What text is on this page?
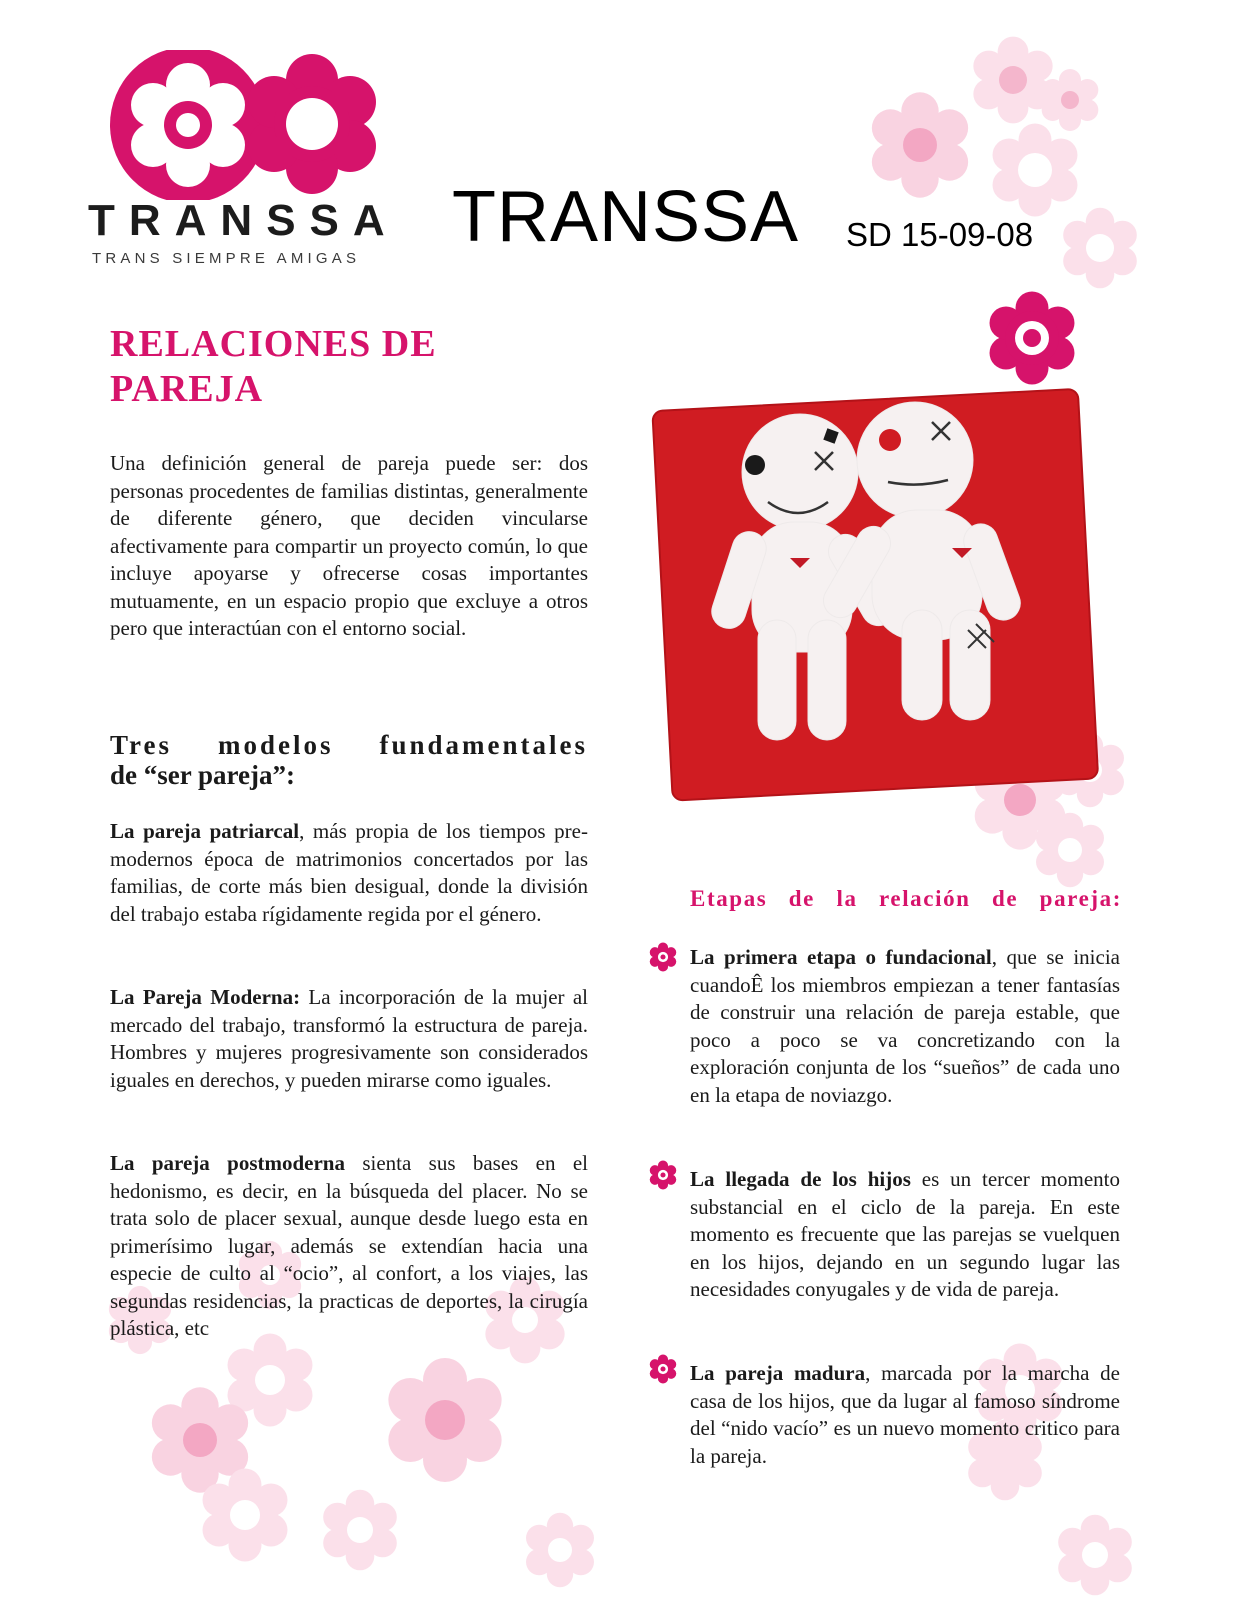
TRANSSA
TRANS SIEMPRE AMIGAS
TRANSSA SD 15-09-08
RELACIONES DE PAREJA
Una definición general de pareja puede ser: dos personas procedentes de familias distintas, generalmente de diferente género, que deciden vincularse afectivamente para compartir un proyecto común, lo que incluye apoyarse y ofrecerse cosas importantes mutuamente, en un espacio propio que excluye a otros pero que interactúan con el entorno social.
Tres modelos fundamentales
de “ser pareja”:
La pareja patriarcal, más propia de los tiempos pre-modernos época de matrimonios concertados por las familias, de corte más bien desigual, donde la división del trabajo estaba rígidamente regida por el género.
La Pareja Moderna: La incorporación de la mujer al mercado del trabajo, transformó la estructura de pareja. Hombres y mujeres progresivamente son considerados iguales en derechos, y pueden mirarse como iguales.
La pareja postmoderna sienta sus bases en el hedonismo, es decir, en la búsqueda del placer. No se trata solo de placer sexual, aunque desde luego esta en primerísimo lugar, además se extendían hacia una especie de culto al “ocio”, al confort, a los viajes, las segundas residencias, la practicas de deportes, la cirugía plástica, etc
Etapas de la relación de pareja:
La primera etapa o fundacional, que se inicia cuandoÊ los miembros empiezan a tener fantasías de construir una relación de pareja estable, que poco a poco se va concretizando con la exploración conjunta de los “sueños” de cada uno en la etapa de noviazgo.
La llegada de los hijos es un tercer momento substancial en el ciclo de la pareja. En este momento es frecuente que las parejas se vuelquen en los hijos, dejando en un segundo lugar las necesidades conyugales y de vida de pareja.
La pareja madura, marcada por la marcha de casa de los hijos, que da lugar al famoso síndrome del “nido vacío” es un nuevo momento critico para la pareja.
